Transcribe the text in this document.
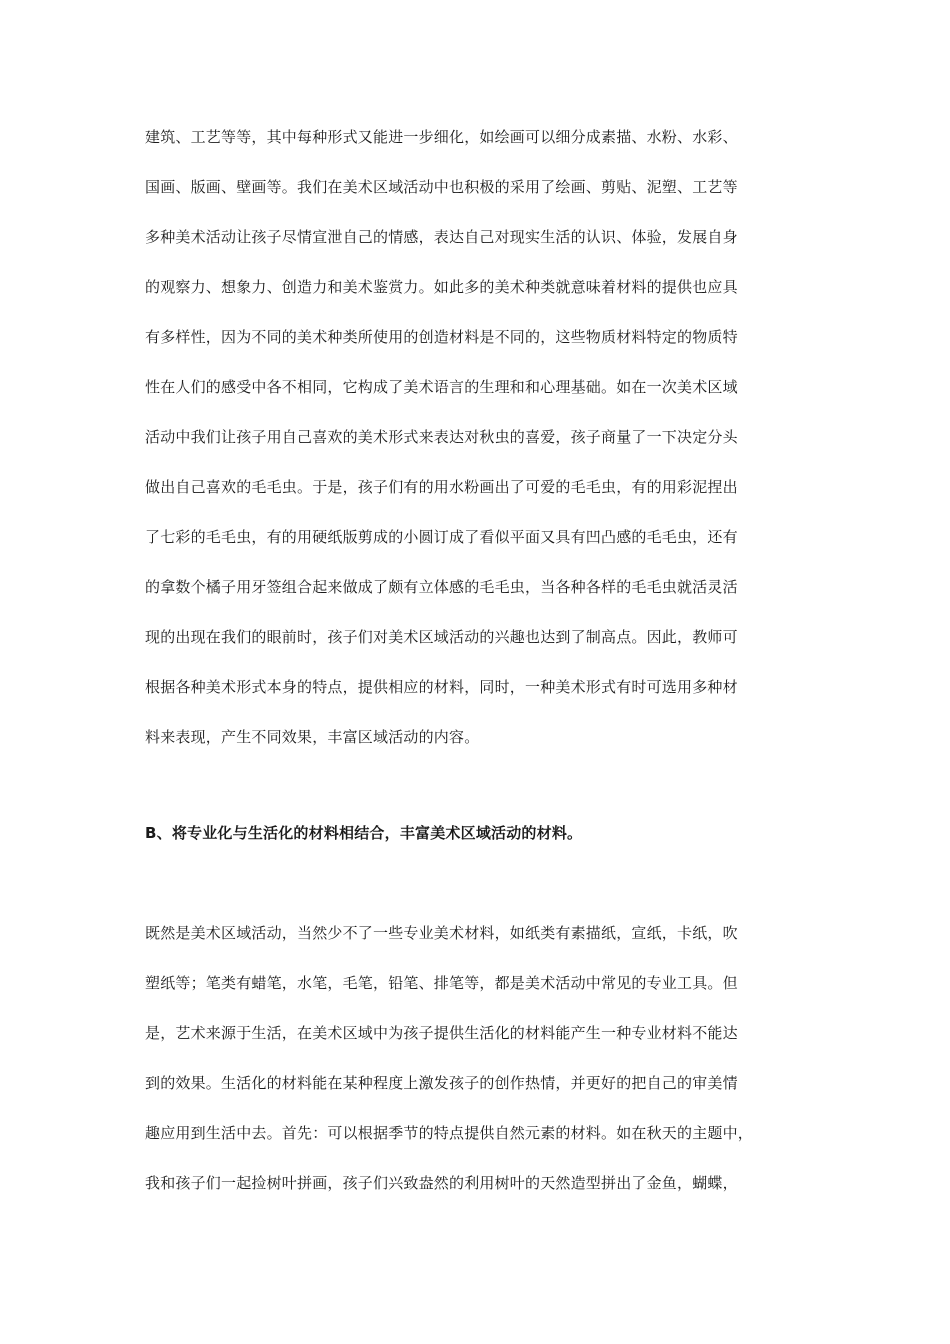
建筑、工艺等等，其中每种形式又能进一步细化，如绘画可以细分成素描、水粉、水彩、
国画、版画、壁画等。我们在美术区域活动中也积极的采用了绘画、剪贴、泥塑、工艺等
多种美术活动让孩子尽情宣泄自己的情感，表达自己对现实生活的认识、体验，发展自身
的观察力、想象力、创造力和美术鉴赏力。如此多的美术种类就意味着材料的提供也应具
有多样性，因为不同的美术种类所使用的创造材料是不同的，这些物质材料特定的物质特
性在人们的感受中各不相同，它构成了美术语言的生理和和心理基础。如在一次美术区域
活动中我们让孩子用自己喜欢的美术形式来表达对秋虫的喜爱，孩子商量了一下决定分头
做出自己喜欢的毛毛虫。于是，孩子们有的用水粉画出了可爱的毛毛虫，有的用彩泥捏出
了七彩的毛毛虫，有的用硬纸版剪成的小圆订成了看似平面又具有凹凸感的毛毛虫，还有
的拿数个橘子用牙签组合起来做成了颇有立体感的毛毛虫，当各种各样的毛毛虫就活灵活
现的出现在我们的眼前时，孩子们对美术区域活动的兴趣也达到了制高点。因此，教师可
根据各种美术形式本身的特点，提供相应的材料，同时，一种美术形式有时可选用多种材
料来表现，产生不同效果，丰富区域活动的内容。
B、将专业化与生活化的材料相结合，丰富美术区域活动的材料。
既然是美术区域活动，当然少不了一些专业美术材料，如纸类有素描纸，宣纸，卡纸，吹
塑纸等；笔类有蜡笔，水笔，毛笔，铅笔、排笔等，都是美术活动中常见的专业工具。但
是，艺术来源于生活，在美术区域中为孩子提供生活化的材料能产生一种专业材料不能达
到的效果。生活化的材料能在某种程度上激发孩子的创作热情，并更好的把自己的审美情
趣应用到生活中去。首先：可以根据季节的特点提供自然元素的材料。如在秋天的主题中，
我和孩子们一起捡树叶拼画，孩子们兴致盎然的利用树叶的天然造型拼出了金鱼，蝴蝶，
